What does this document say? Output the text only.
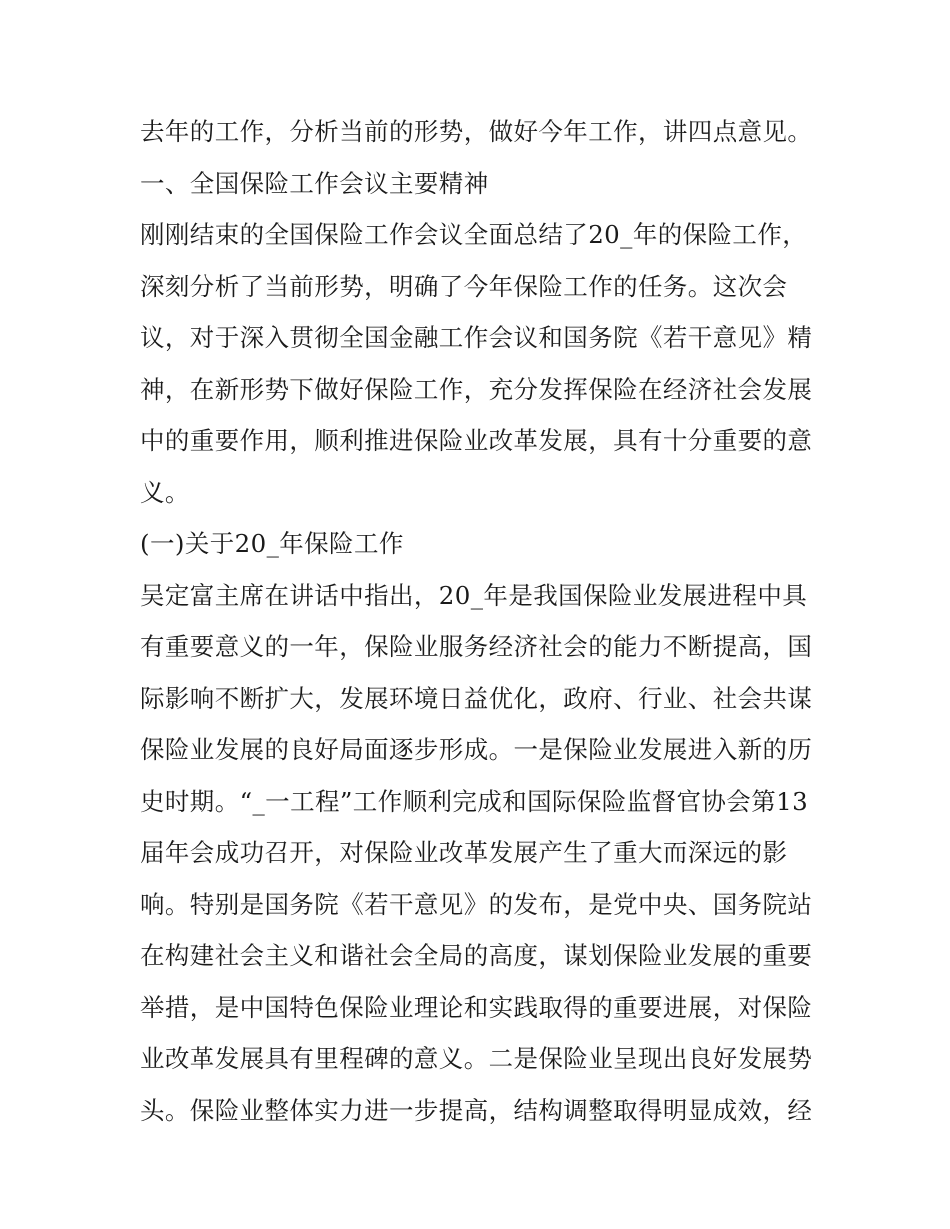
去年的工作，分析当前的形势，做好今年工作，讲四点意见。
一、全国保险工作会议主要精神
刚刚结束的全国保险工作会议全面总结了20_年的保险工作，
深刻分析了当前形势，明确了今年保险工作的任务。这次会
议，对于深入贯彻全国金融工作会议和国务院《若干意见》精
神，在新形势下做好保险工作，充分发挥保险在经济社会发展
中的重要作用，顺利推进保险业改革发展，具有十分重要的意
义。
(一)关于20_年保险工作
吴定富主席在讲话中指出，20_年是我国保险业发展进程中具
有重要意义的一年，保险业服务经济社会的能力不断提高，国
际影响不断扩大，发展环境日益优化，政府、行业、社会共谋
保险业发展的良好局面逐步形成。一是保险业发展进入新的历
史时期。“_一工程”工作顺利完成和国际保险监督官协会第13
届年会成功召开，对保险业改革发展产生了重大而深远的影
响。特别是国务院《若干意见》的发布，是党中央、国务院站
在构建社会主义和谐社会全局的高度，谋划保险业发展的重要
举措，是中国特色保险业理论和实践取得的重要进展，对保险
业改革发展具有里程碑的意义。二是保险业呈现出良好发展势
头。保险业整体实力进一步提高，结构调整取得明显成效，经
